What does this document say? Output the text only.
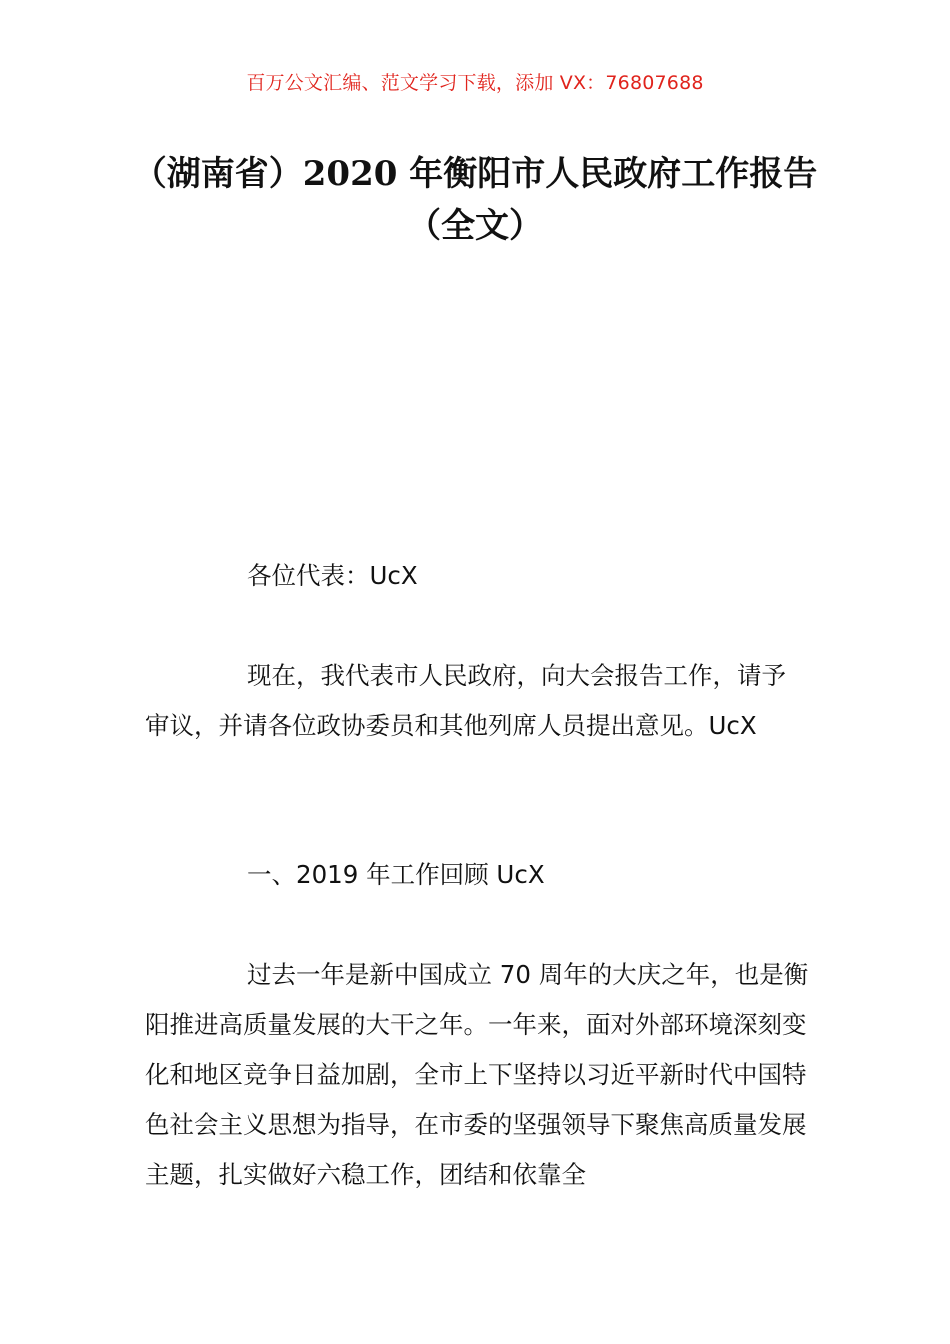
百万公文汇编、范文学习下载，添加 VX：76807688
（湖南省）2020 年衡阳市人民政府工作报告（全文）
各位代表：UcX
现在，我代表市人民政府，向大会报告工作，请予审议，并请各位政协委员和其他列席人员提出意见。UcX
一、2019 年工作回顾 UcX
过去一年是新中国成立 70 周年的大庆之年，也是衡阳推进高质量发展的大干之年。一年来，面对外部环境深刻变化和地区竞争日益加剧，全市上下坚持以习近平新时代中国特色社会主义思想为指导，在市委的坚强领导下聚焦高质量发展主题，扎实做好六稳工作，团结和依靠全
